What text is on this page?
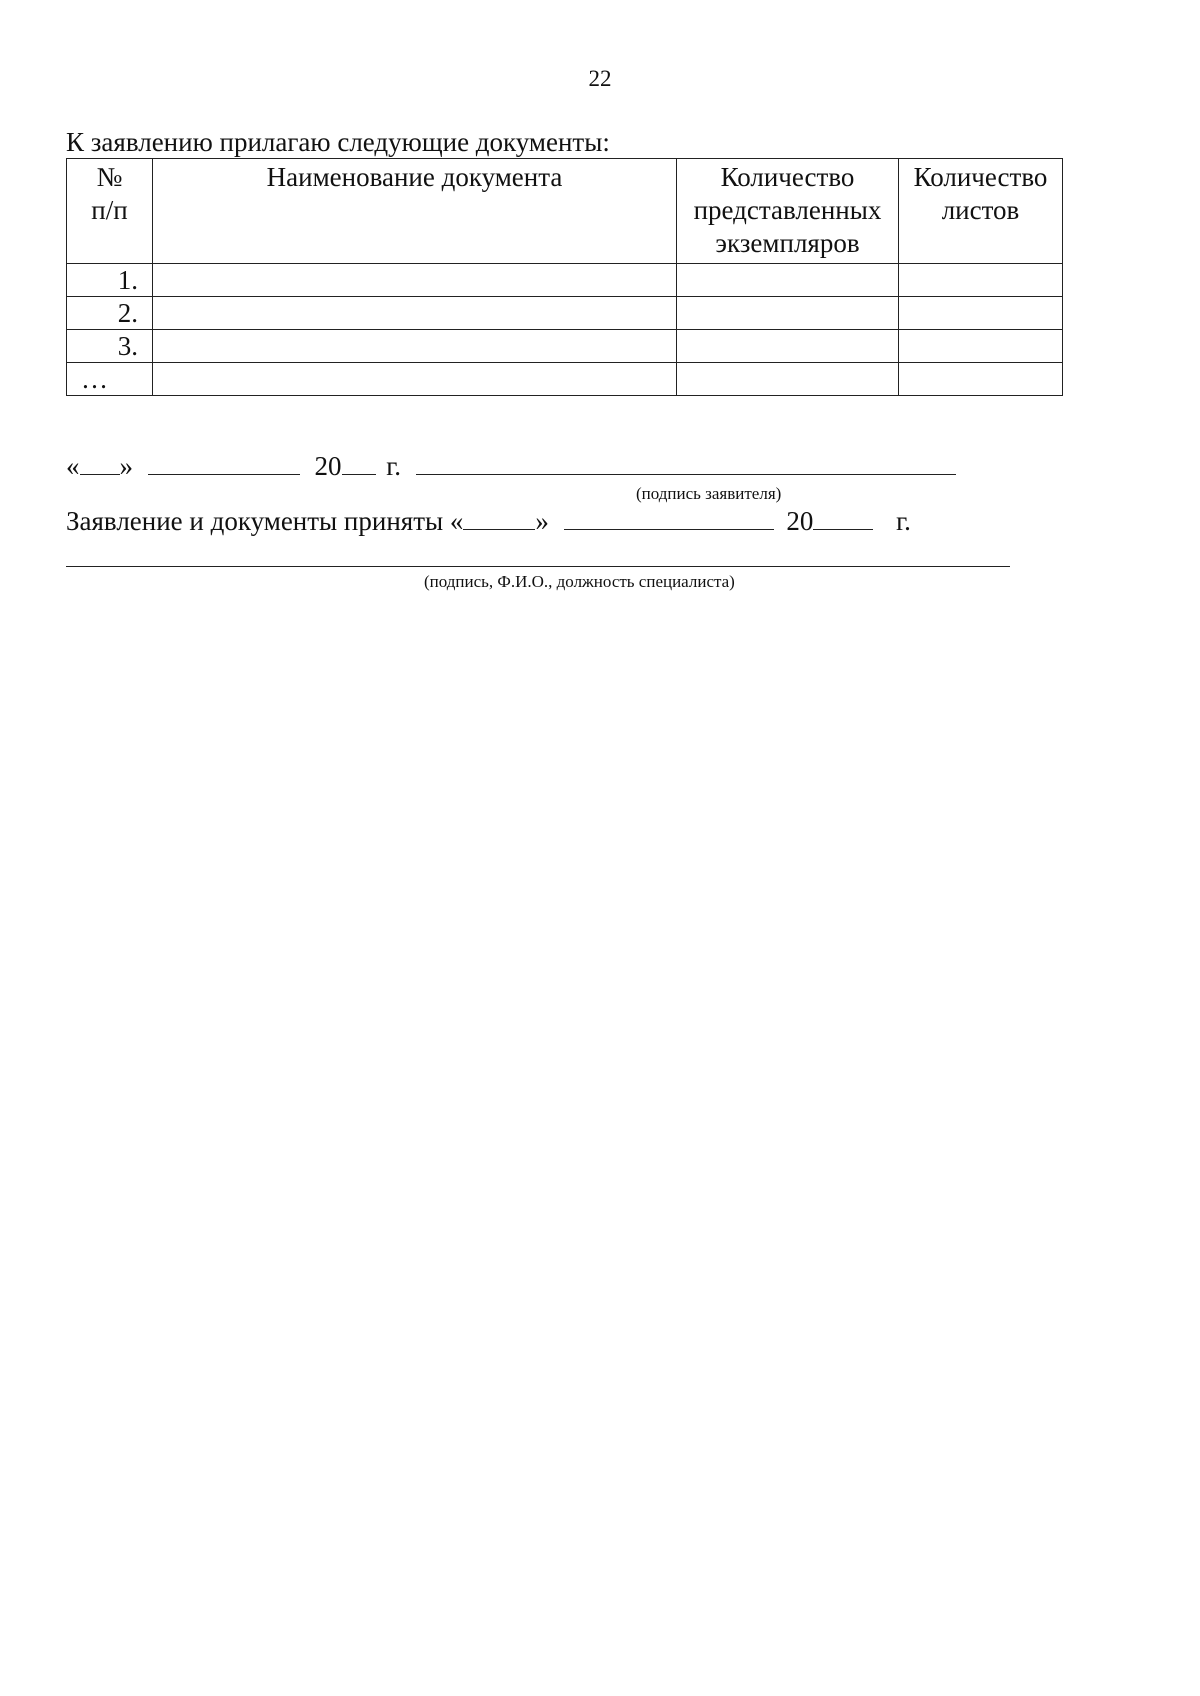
22
К заявлению прилагаю следующие документы:
№ п/п	Наименование документа	Количество представленных экземпляров	Количество листов
1.			
2.			
3.			
…			
« »	20 г.
(подпись заявителя)
Заявление и документы приняты «	»	20	г.
(подпись, Ф.И.О., должность специалиста)
